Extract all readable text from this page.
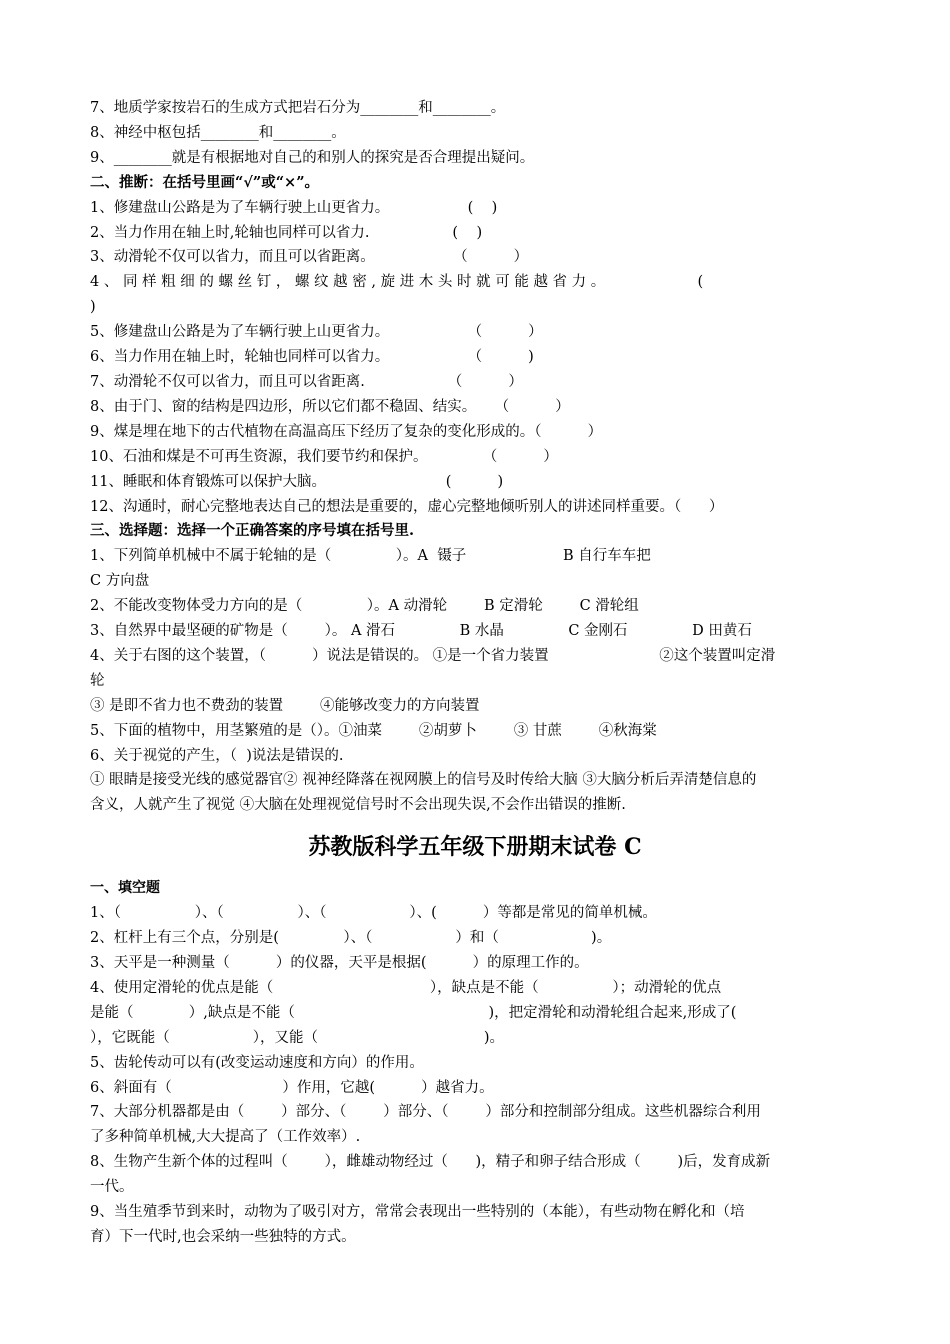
7、地质学家按岩石的生成方式把岩石分为________和________。

8、神经中枢包括________和________。

9、________就是有根据地对自己的和别人的探究是否合理提出疑问。

二、推断：在括号里画“√”或“×”。

1、修建盘山公路是为了车辆行驶上山更省力。                 (    )

2、当力作用在轴上时,轮轴也同样可以省力.                  (    )

3、动滑轮不仅可以省力，而且可以省距离。                 （          ）

4 、 同 样 粗 细 的 螺 丝 钉 ， 螺 纹 越 密 , 旋 进 木 头 时 就 可 能 越 省 力 。                    (

)

5、修建盘山公路是为了车辆行驶上山更省力。                 （          ）

6、当力作用在轴上时，轮轴也同样可以省力。                 （          )

7、动滑轮不仅可以省力，而且可以省距离.                  （          ）

8、由于门、窗的结构是四边形，所以它们都不稳固、结实。    （          ）

9、煤是埋在地下的古代植物在高温高压下经历了复杂的变化形成的。（          ）

10、石油和煤是不可再生资源，我们要节约和保护。            （          ）

11、睡眠和体育锻炼可以保护大脑。                          (          )

12、沟通时，耐心完整地表达自己的想法是重要的，虚心完整地倾听别人的讲述同样重要。（      ）

三、选择题：选择一个正确答案的序号填在括号里.

1、下列简单机械中不属于轮轴的是（              ）。A  镊子                     B 自行车车把

C 方向盘

2、不能改变物体受力方向的是（              ）。A 动滑轮        B 定滑轮        C 滑轮组

3、自然界中最坚硬的矿物是（        ）。 A 滑石              B 水晶              C 金刚石              D 田黄石

4、关于右图的这个装置，（          ）说法是错误的。 ①是一个省力装置                        ②这个装置叫定滑

轮

③ 是即不省力也不费劲的装置        ④能够改变力的方向装置

5、下面的植物中，用茎繁殖的是（）。①油菜        ②胡萝卜        ③ 甘蔗        ④秋海棠

6、关于视觉的产生，（  )说法是错误的.

① 眼睛是接受光线的感觉器官② 视神经降落在视网膜上的信号及时传给大脑 ③大脑分析后弄清楚信息的

含义，人就产生了视觉 ④大脑在处理视觉信号时不会出现失误,不会作出错误的推断.

苏教版科学五年级下册期末试卷 C

一、填空题

1、（                ）、（                ）、（                  ）、(          ）等都是常见的简单机械。

2、杠杆上有三个点，分别是(              ）、（                  ）和（                    )。

3、天平是一种测量（          ）的仪器，天平是根据(          ）的原理工作的。

4、使用定滑轮的优点是能（                                  ），缺点是不能（                ）；动滑轮的优点

是能（            ）,缺点是不能（                                          )，把定滑轮和动滑轮组合起来,形成了(

），它既能（                  ），又能（                                    )。

5、齿轮传动可以有(改变运动速度和方向）的作用。

6、斜面有（                        ）作用，它越(          ）越省力。

7、大部分机器都是由（        ）部分、（        ）部分、（        ）部分和控制部分组成。这些机器综合利用

了多种简单机械,大大提高了（工作效率）.

8、生物产生新个体的过程叫（        ），雌雄动物经过（      )，精子和卵子结合形成（        )后，发育成新

一代。

9、当生殖季节到来时，动物为了吸引对方，常常会表现出一些特别的（本能），有些动物在孵化和（培

育）下一代时,也会采纳一些独特的方式。
